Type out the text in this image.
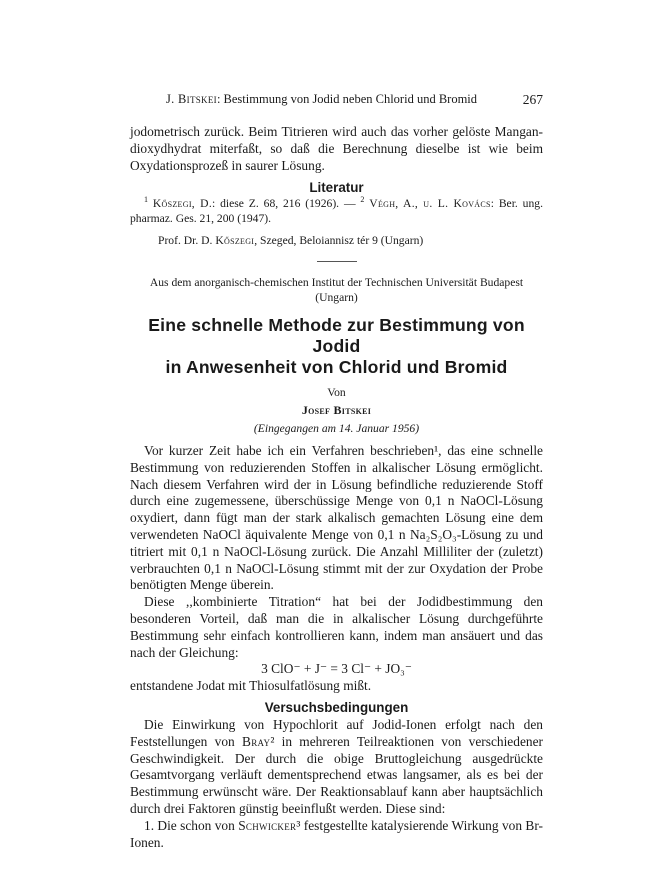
J. Bitskei: Bestimmung von Jodid neben Chlorid und Bromid	267

jodometrisch zurück. Beim Titrieren wird auch das vorher gelöste Mangan-dioxydhydrat miterfaßt, so daß die Berechnung dieselbe ist wie beim Oxydationsprozeß in saurer Lösung.

Literatur

$^1$ Kőszegi, D.: diese Z. 68, 216 (1926). — $^2$ Végh, A., u. L. Kovács: Ber. ung. pharmaz. Ges. 21, 200 (1947).

Prof. Dr. D. Kőszegi, Szeged, Beloiannisz tér 9 (Ungarn)

Aus dem anorganisch-chemischen Institut der Technischen Universität Budapest (Ungarn)

Eine schnelle Methode zur Bestimmung von Jodid
in Anwesenheit von Chlorid und Bromid
Von
Josef Bitskei
(Eingegangen am 14. Januar 1956)

Vor kurzer Zeit habe ich ein Verfahren beschrieben¹, das eine schnelle Bestimmung von reduzierenden Stoffen in alkalischer Lösung ermöglicht. Nach diesem Verfahren wird der in Lösung befindliche reduzierende Stoff durch eine zugemessene, überschüssige Menge von 0,1 n NaOCl-Lösung oxydiert, dann fügt man der stark alkalisch gemachten Lösung eine dem verwendeten NaOCl äquivalente Menge von 0,1 n Na₂S₂O₃-Lösung zu und titriert mit 0,1 n NaOCl-Lösung zurück. Die Anzahl Milliliter der (zuletzt) verbrauchten 0,1 n NaOCl-Lösung stimmt mit der zur Oxydation der Probe benötigten Menge überein.

Diese ,,kombinierte Titration“ hat bei der Jodidbestimmung den besonderen Vorteil, daß man die in alkalischer Lösung durchgeführte Bestimmung sehr einfach kontrollieren kann, indem man ansäuert und das nach der Gleichung:

3 ClO⁻ + J⁻ = 3 Cl⁻ + JO₃⁻

entstandene Jodat mit Thiosulfatlösung mißt.

Versuchsbedingungen

Die Einwirkung von Hypochlorit auf Jodid-Ionen erfolgt nach den Feststellungen von Bray² in mehreren Teilreaktionen von verschiedener Geschwindigkeit. Der durch die obige Bruttogleichung ausgedrückte Gesamtvorgang verläuft dementsprechend etwas langsamer, als es bei der Bestimmung erwünscht wäre. Der Reaktionsablauf kann aber hauptsächlich durch drei Faktoren günstig beeinflußt werden. Diese sind:

1. Die schon von Schwicker³ festgestellte katalysierende Wirkung von Br-Ionen.
